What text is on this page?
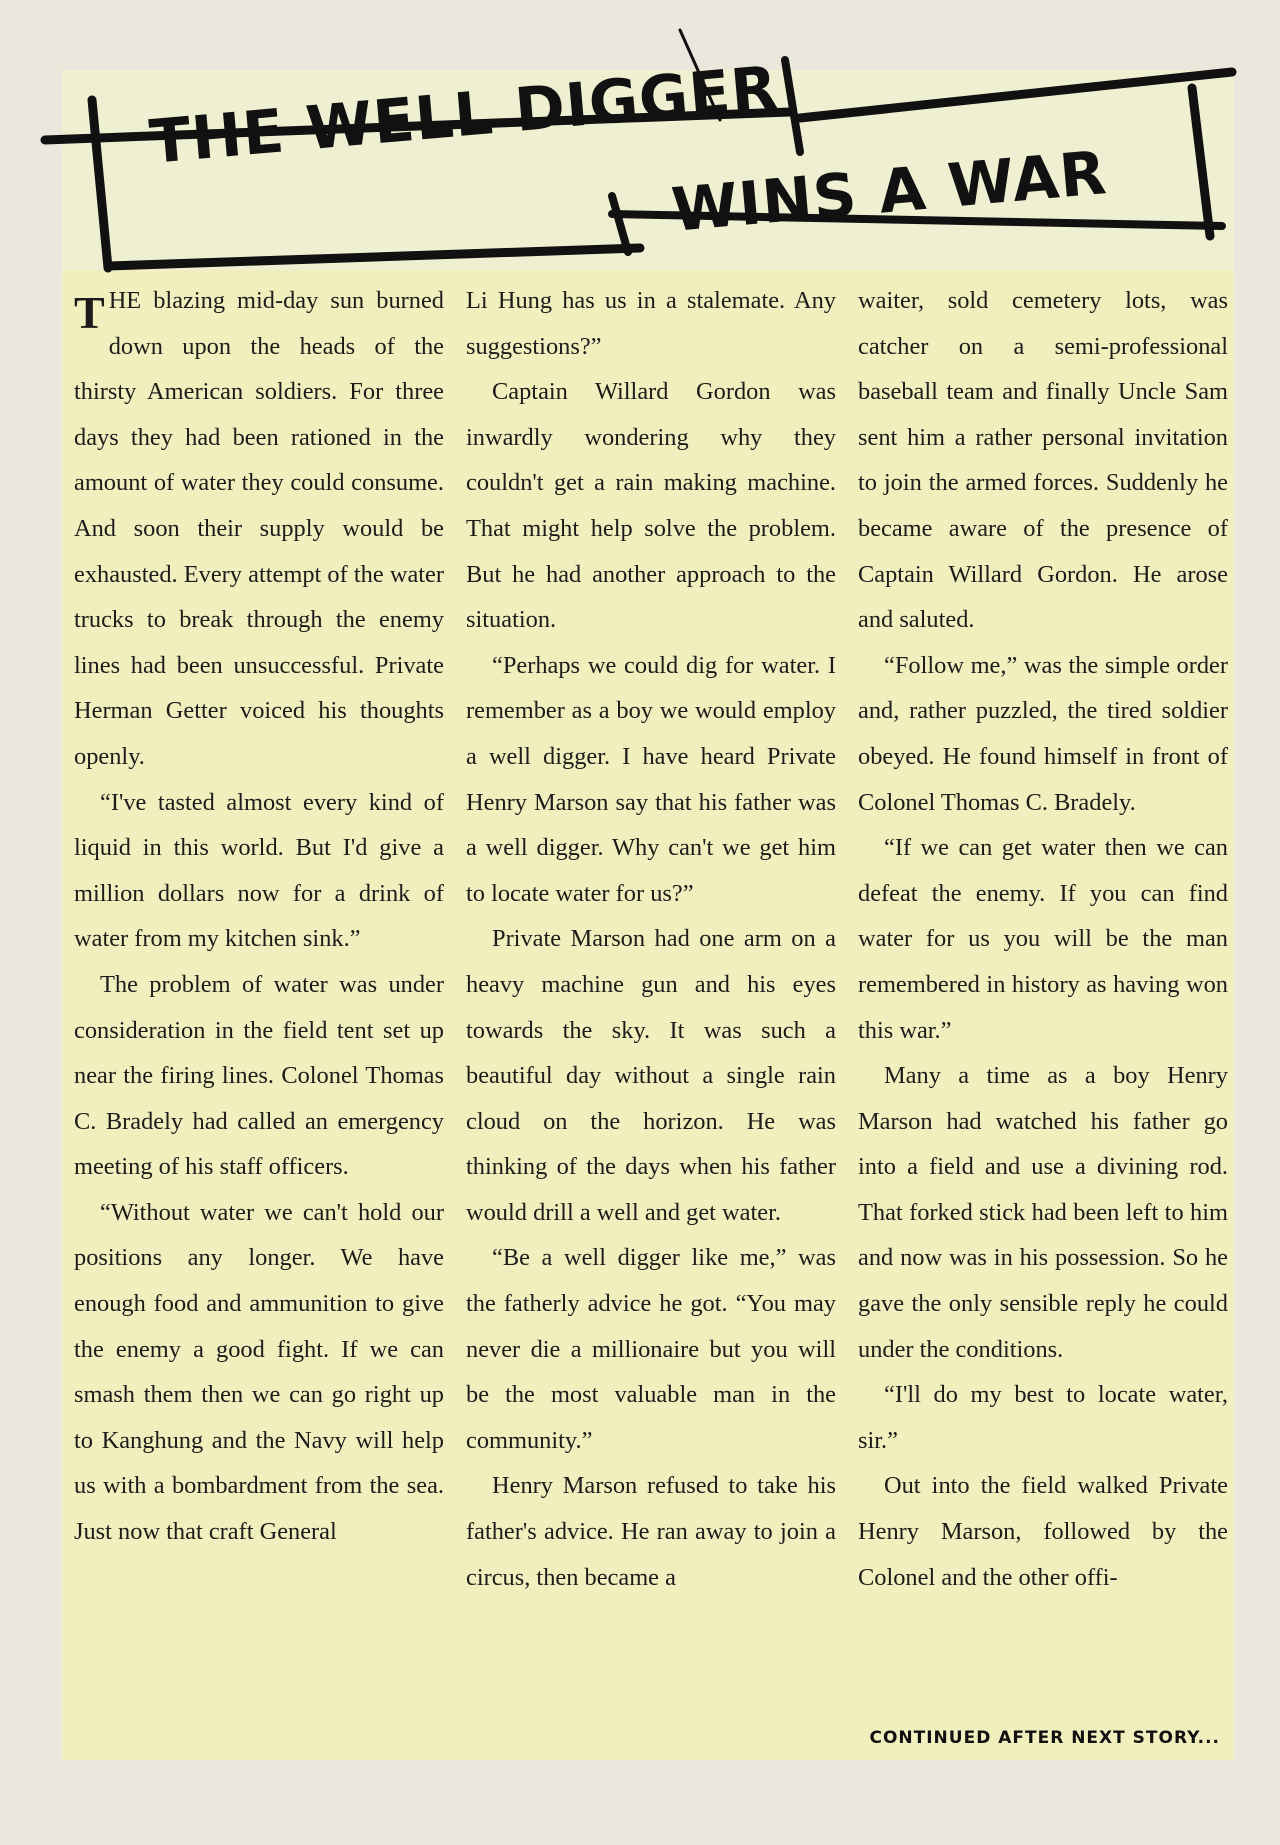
THE WELL DIGGER
WINS A WAR

THE blazing mid-day sun burned down upon the heads of the thirsty American soldiers. For three days they had been rationed in the amount of water they could consume. And soon their supply would be exhausted. Every attempt of the water trucks to break through the enemy lines had been unsuccessful. Private Herman Getter voiced his thoughts openly.

“I've tasted almost every kind of liquid in this world. But I'd give a million dollars now for a drink of water from my kitchen sink.”

The problem of water was under consideration in the field tent set up near the firing lines. Colonel Thomas C. Bradely had called an emergency meeting of his staff officers.

“Without water we can't hold our positions any longer. We have enough food and ammunition to give the enemy a good fight. If we can smash them then we can go right up to Kanghung and the Navy will help us with a bombardment from the sea. Just now that craft General

Li Hung has us in a stalemate. Any suggestions?”

Captain Willard Gordon was inwardly wondering why they couldn't get a rain making machine. That might help solve the problem. But he had another approach to the situation.

“Perhaps we could dig for water. I remember as a boy we would employ a well digger. I have heard Private Henry Marson say that his father was a well digger. Why can't we get him to locate water for us?”

Private Marson had one arm on a heavy machine gun and his eyes towards the sky. It was such a beautiful day without a single rain cloud on the horizon. He was thinking of the days when his father would drill a well and get water.

“Be a well digger like me,” was the fatherly advice he got. “You may never die a millionaire but you will be the most valuable man in the community.”

Henry Marson refused to take his father's advice. He ran away to join a circus, then became a

waiter, sold cemetery lots, was catcher on a semi-professional baseball team and finally Uncle Sam sent him a rather personal invitation to join the armed forces. Suddenly he became aware of the presence of Captain Willard Gordon. He arose and saluted.

“Follow me,” was the simple order and, rather puzzled, the tired soldier obeyed. He found himself in front of Colonel Thomas C. Bradely.

“If we can get water then we can defeat the enemy. If you can find water for us you will be the man remembered in history as having won this war.”

Many a time as a boy Henry Marson had watched his father go into a field and use a divining rod. That forked stick had been left to him and now was in his possession. So he gave the only sensible reply he could under the conditions.

“I'll do my best to locate water, sir.”

Out into the field walked Private Henry Marson, followed by the Colonel and the other offi-

CONTINUED AFTER NEXT STORY...
